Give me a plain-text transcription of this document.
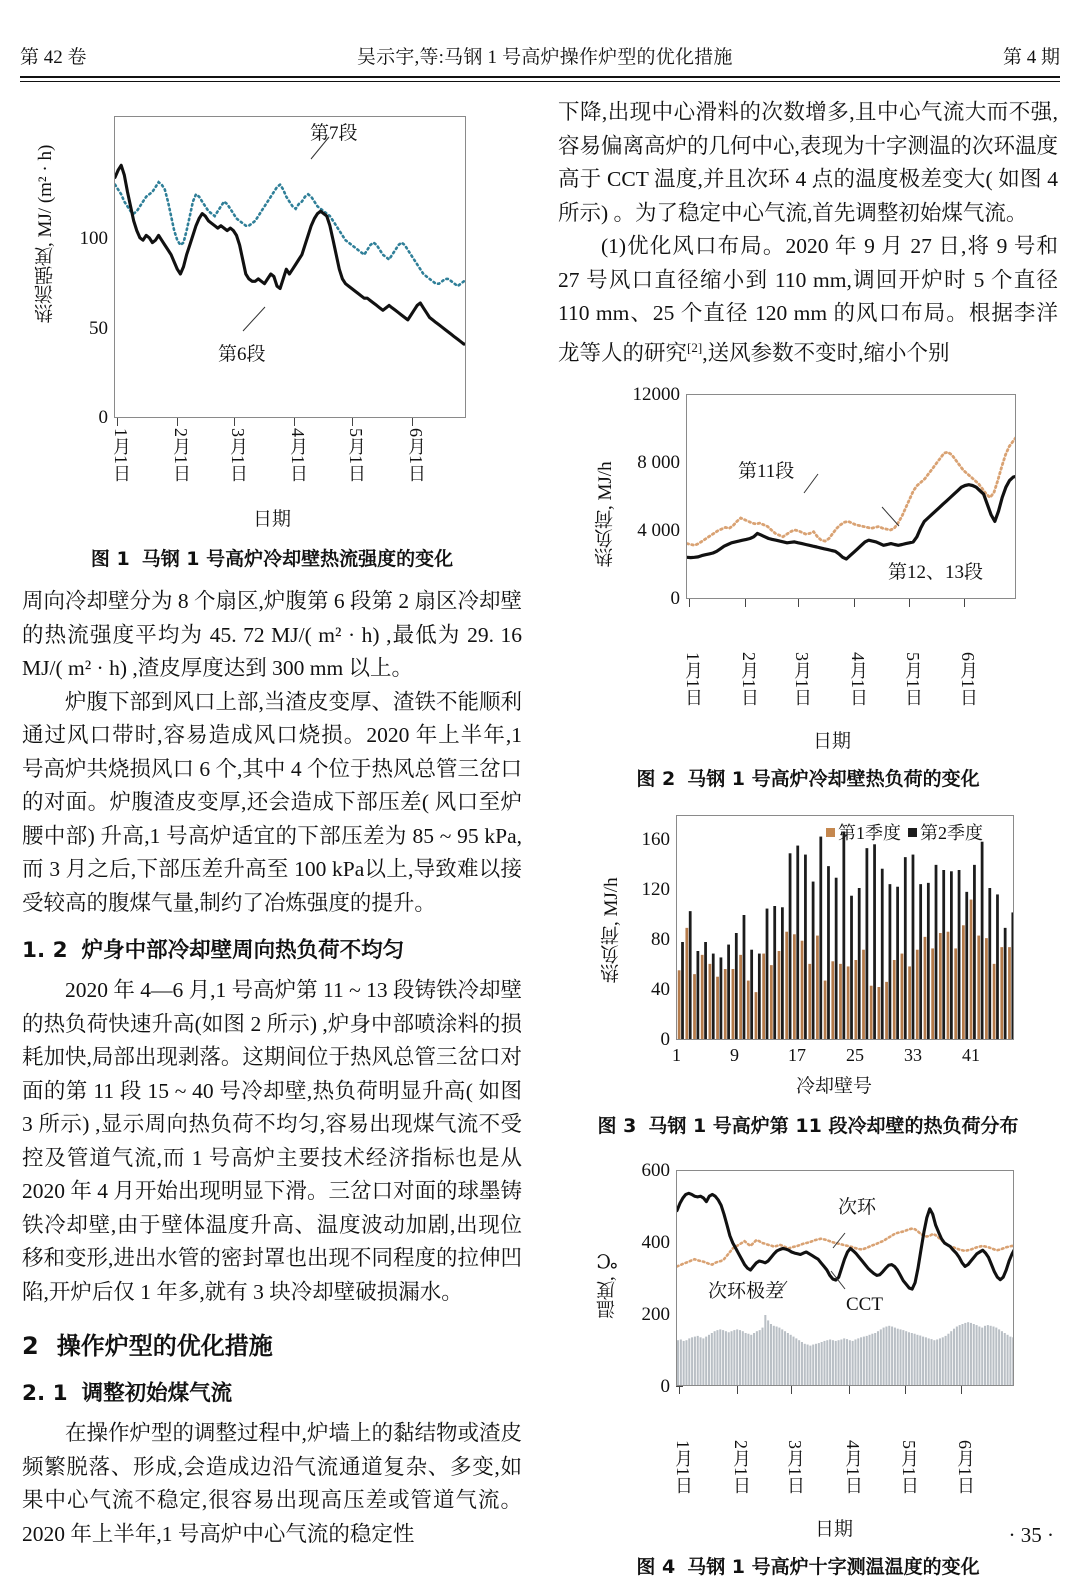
第 42 卷	吴示宇,等:马钢 1 号高炉操作炉型的优化措施	第 4 期
热流强度, MJ/ (m² · h)	100
50
0
第7段
第6段
1月1日 2月1日 3月1日 4月1日 5月1日 6月1日
日期
图 1 马钢 1 号高炉冷却壁热流强度的变化

周向冷却壁分为 8 个扇区,炉腹第 6 段第 2 扇区冷却壁的热流强度平均为 45. 72 MJ/( m² · h) ,最低为 29. 16 MJ/( m² · h) ,渣皮厚度达到 300 mm 以上。

炉腹下部到风口上部,当渣皮变厚、渣铁不能顺利通过风口带时,容易造成风口烧损。2020 年上半年,1 号高炉共烧损风口 6 个,其中 4 个位于热风总管三岔口的对面。炉腹渣皮变厚,还会造成下部压差( 风口至炉腰中部) 升高,1 号高炉适宜的下部压差为 85 ~ 95 kPa, 而 3 月之后,下部压差升高至 100 kPa以上,导致难以接受较高的腹煤气量,制约了冶炼强度的提升。

1. 2 炉身中部冷却壁周向热负荷不均匀

2020 年 4—6 月,1 号高炉第 11 ~ 13 段铸铁冷却壁的热负荷快速升高(如图 2 所示) ,炉身中部喷涂料的损耗加快,局部出现剥落。这期间位于热风总管三岔口对面的第 11 段 15 ~ 40 号冷却壁,热负荷明显升高( 如图 3 所示) ,显示周向热负荷不均匀,容易出现煤气流不受控及管道气流,而 1 号高炉主要技术经济指标也是从 2020 年 4 月开始出现明显下滑。三岔口对面的球墨铸铁冷却壁,由于壁体温度升高、温度波动加剧,出现位移和变形,进出水管的密封罩也出现不同程度的拉伸凹陷,开炉后仅 1 年多,就有 3 块冷却壁破损漏水。

2 操作炉型的优化措施
2. 1 调整初始煤气流

在操作炉型的调整过程中,炉墙上的黏结物或渣皮频繁脱落、形成,会造成边沿气流通道复杂、多变,如果中心气流不稳定,很容易出现高压差或管道气流。2020 年上半年,1 号高炉中心气流的稳定性

下降,出现中心滑料的次数增多,且中心气流大而不强,容易偏离高炉的几何中心,表现为十字测温的次环温度高于 CCT 温度,并且次环 4 点的温度极差变大( 如图 4 所示) 。为了稳定中心气流,首先调整初始煤气流。

(1)优化风口布局。2020 年 9 月 27 日,将 9 号和 27 号风口直径缩小到 110 mm,调回开炉时 5 个直径 110 mm、25 个直径 120 mm 的风口布局。根据李洋龙等人的研究[2],送风参数不变时,缩小个别

热负荷, MJ/h
12000
8 000
4 000
0
第11段
第12、13段
1月1日 2月1日 3月1日 4月1日 5月1日 6月1日
日期
图 2 马钢 1 号高炉冷却壁热负荷的变化
热负荷, MJ/h
160
120
80
40
0
第1季度 第2季度
1	9	17 25 33 41
冷却壁号
图 3 马钢 1 号高炉第 11 段冷却壁的热负荷分布
温度, ℃
600
400
200
0
次环
次环极差
CCT
1月1日 2月1日 3月1日 4月1日 5月1日 6月1日
日期
图 4 马钢 1 号高炉十字测温温度的变化
· 35 ·
